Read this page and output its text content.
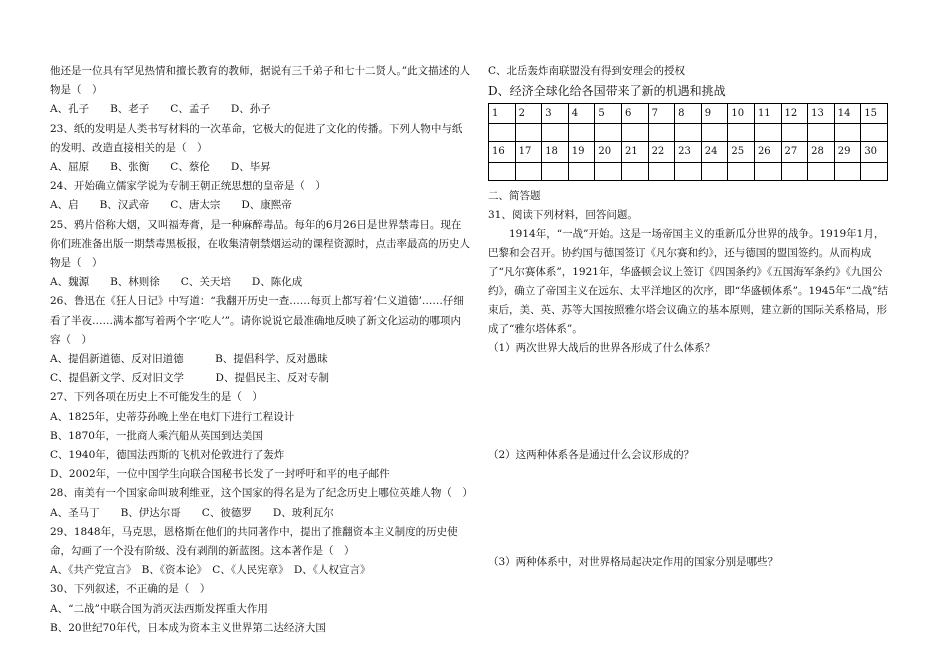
他还是一位具有罕见热情和擅长教育的教师，据说有三千弟子和七十二贤人。”此文描述的人
物是（　）
A、孔子　　B、老子　　C、孟子　　D、孙子
23、纸的发明是人类书写材料的一次革命，它极大的促进了文化的传播。下列人物中与纸的发明、改造直接相关的是（　）
A、屈原　　B、张衡　　C、蔡伦　　D、毕昇
24、开始确立儒家学说为专制王朝正统思想的皇帝是（　）
A、启　　B、汉武帝　　C、唐太宗　　D、康熙帝
25、鸦片俗称大烟，又叫福寿膏，是一种麻醉毒品。每年的6月26日是世界禁毒日。现在你们班准备出版一期禁毒黑板报，在收集清朝禁烟运动的课程资源时，点击率最高的历史人物是（　）
A、魏源　　B、林则徐　　C、关天培　　D、陈化成
26、鲁迅在《狂人日记》中写道：“我翻开历史一查……每页上都写着‘仁义道德’……仔细看了半夜……满本都写着两个字‘吃人’”。请你说说它最准确地反映了新文化运动的哪项内容（　）
A、提倡新道德、反对旧道德　　　B、提倡科学、反对愚昧
C、提倡新文学、反对旧文学　　　D、提倡民主、反对专制
27、下列各项在历史上不可能发生的是（　）
A、1825年，史蒂芬孙晚上坐在电灯下进行工程设计
B、1870年，一批商人乘汽船从英国到达美国
C、1940年，德国法西斯的飞机对伦敦进行了轰炸
D、2002年，一位中国学生向联合国秘书长发了一封呼吁和平的电子邮件
28、南美有一个国家命叫玻利维亚，这个国家的得名是为了纪念历史上哪位英雄人物（　）
A、圣马丁　　B、伊达尔哥　　C、彼德罗　　D、玻利瓦尔
29、1848年，马克思，恩格斯在他们的共同著作中，提出了推翻资本主义制度的历史使命，勾画了一个没有阶级、没有剥削的新蓝图。这本著作是（　）
A、《共产党宣言》　B、《资本论》　C、《人民宪章》　D、《人权宣言》
30、下列叙述，不正确的是（　）
A、“二战”中联合国为消灭法西斯发挥重大作用
B、20世纪70年代，日本成为资本主义世界第二达经济大国
C、北岳轰炸南联盟没有得到安理会的授权
D、经济全球化给各国带来了新的机遇和挑战
1	2	3	4	5	6	7	8	9	10	11	12	13	14	15

16	17	18	19	20	21	22	23	24	25	26	27	28	29	30

二、简答题
31、阅读下列材料，回答问题。
1914年，“一战”开始。这是一场帝国主义的重新瓜分世界的战争。1919年1月，巴黎和会召开。协约国与德国签订《凡尔赛和约》，还与德国的盟国签约。从而构成了“凡尔赛体系”，1921年，华盛顿会议上签订《四国条约》《五国海军条约》《九国公约》，确立了帝国主义在远东、太平洋地区的次序，即“华盛顿体系”。1945年“二战”结束后，美、英、苏等大国按照雅尔塔会议确立的基本原则，建立新的国际关系格局，形成了“雅尔塔体系”。
（1）两次世界大战后的世界各形成了什么体系？
（2）这两种体系各是通过什么会议形成的？
（3）两种体系中，对世界格局起决定作用的国家分别是哪些？
